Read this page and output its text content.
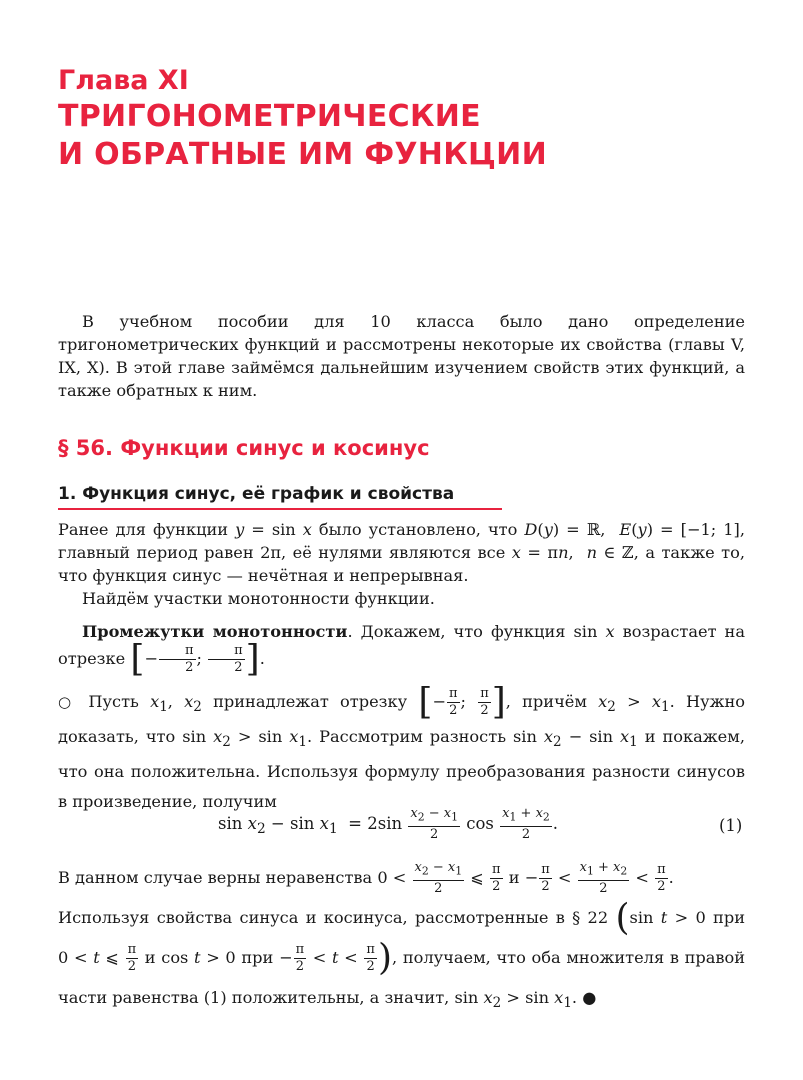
Глава XI
ТРИГОНОМЕТРИЧЕСКИЕ
И ОБРАТНЫЕ ИМ ФУНКЦИИ

В учебном пособии для 10 класса было дано определение тригонометрических функций и рассмотрены некоторые их свойства (главы V, IX, X). В этой главе займёмся дальнейшим изучением свойств этих функций, а также обратных к ним.

§ 56. Функции синус и косинус
1. Функция синус, её график и свойства

Ранее для функции y = sin x было установлено, что D(y) = ℝ,  E(y) = [−1; 1], главный период равен 2π, её нулями являются все x = πn,  n ∈ ℤ, а также то, что функция синус — нечётная и непрерывная.

Найдём участки монотонности функции.

Промежутки монотонности. Докажем, что функция sin x возрастает на отрезке [− $\frac{\pi}{2}$ ; $\frac{\pi}{2}$ ].

○ Пусть $x_1$, $x_2$ принадлежат отрезку [− $\frac{\pi}{2}$ ; $\frac{\pi}{2}$ ], причём $x_2 > x_1$. Нужно доказать, что $\sin x_2 > \sin x_1$. Рассмотрим разность $\sin x_2 - \sin x_1$ и покажем, что она положительна. Используя формулу преобразования разности синусов в произведение, получим

$\sin x_2 - \sin x_1 = 2\sin \frac{x_2 - x_1}{2}$ $\cos \frac{x_1 + x_2}{2}$ .	(1)

В данном случае верны неравенства $0 < \frac{x_2 - x_1}{2}$ ⩽ $\frac{\pi}{2}$ $и - \frac{\pi}{2} < \frac{x_1 + x_2}{2} < \frac{\pi}{2}$ .

Используя свойства синуса и косинуса, рассмотренные в § 22 (sin t > 0 при 0 < t ⩽ $\frac{\pi}{2}$ и cos t > 0 при − $\frac{\pi}{2} < t < \frac{\pi}{2}$ ), получаем, что оба множителя в правой части равенства (1) положительны, а значит, $\sin x_2 > \sin x_1$. ●
